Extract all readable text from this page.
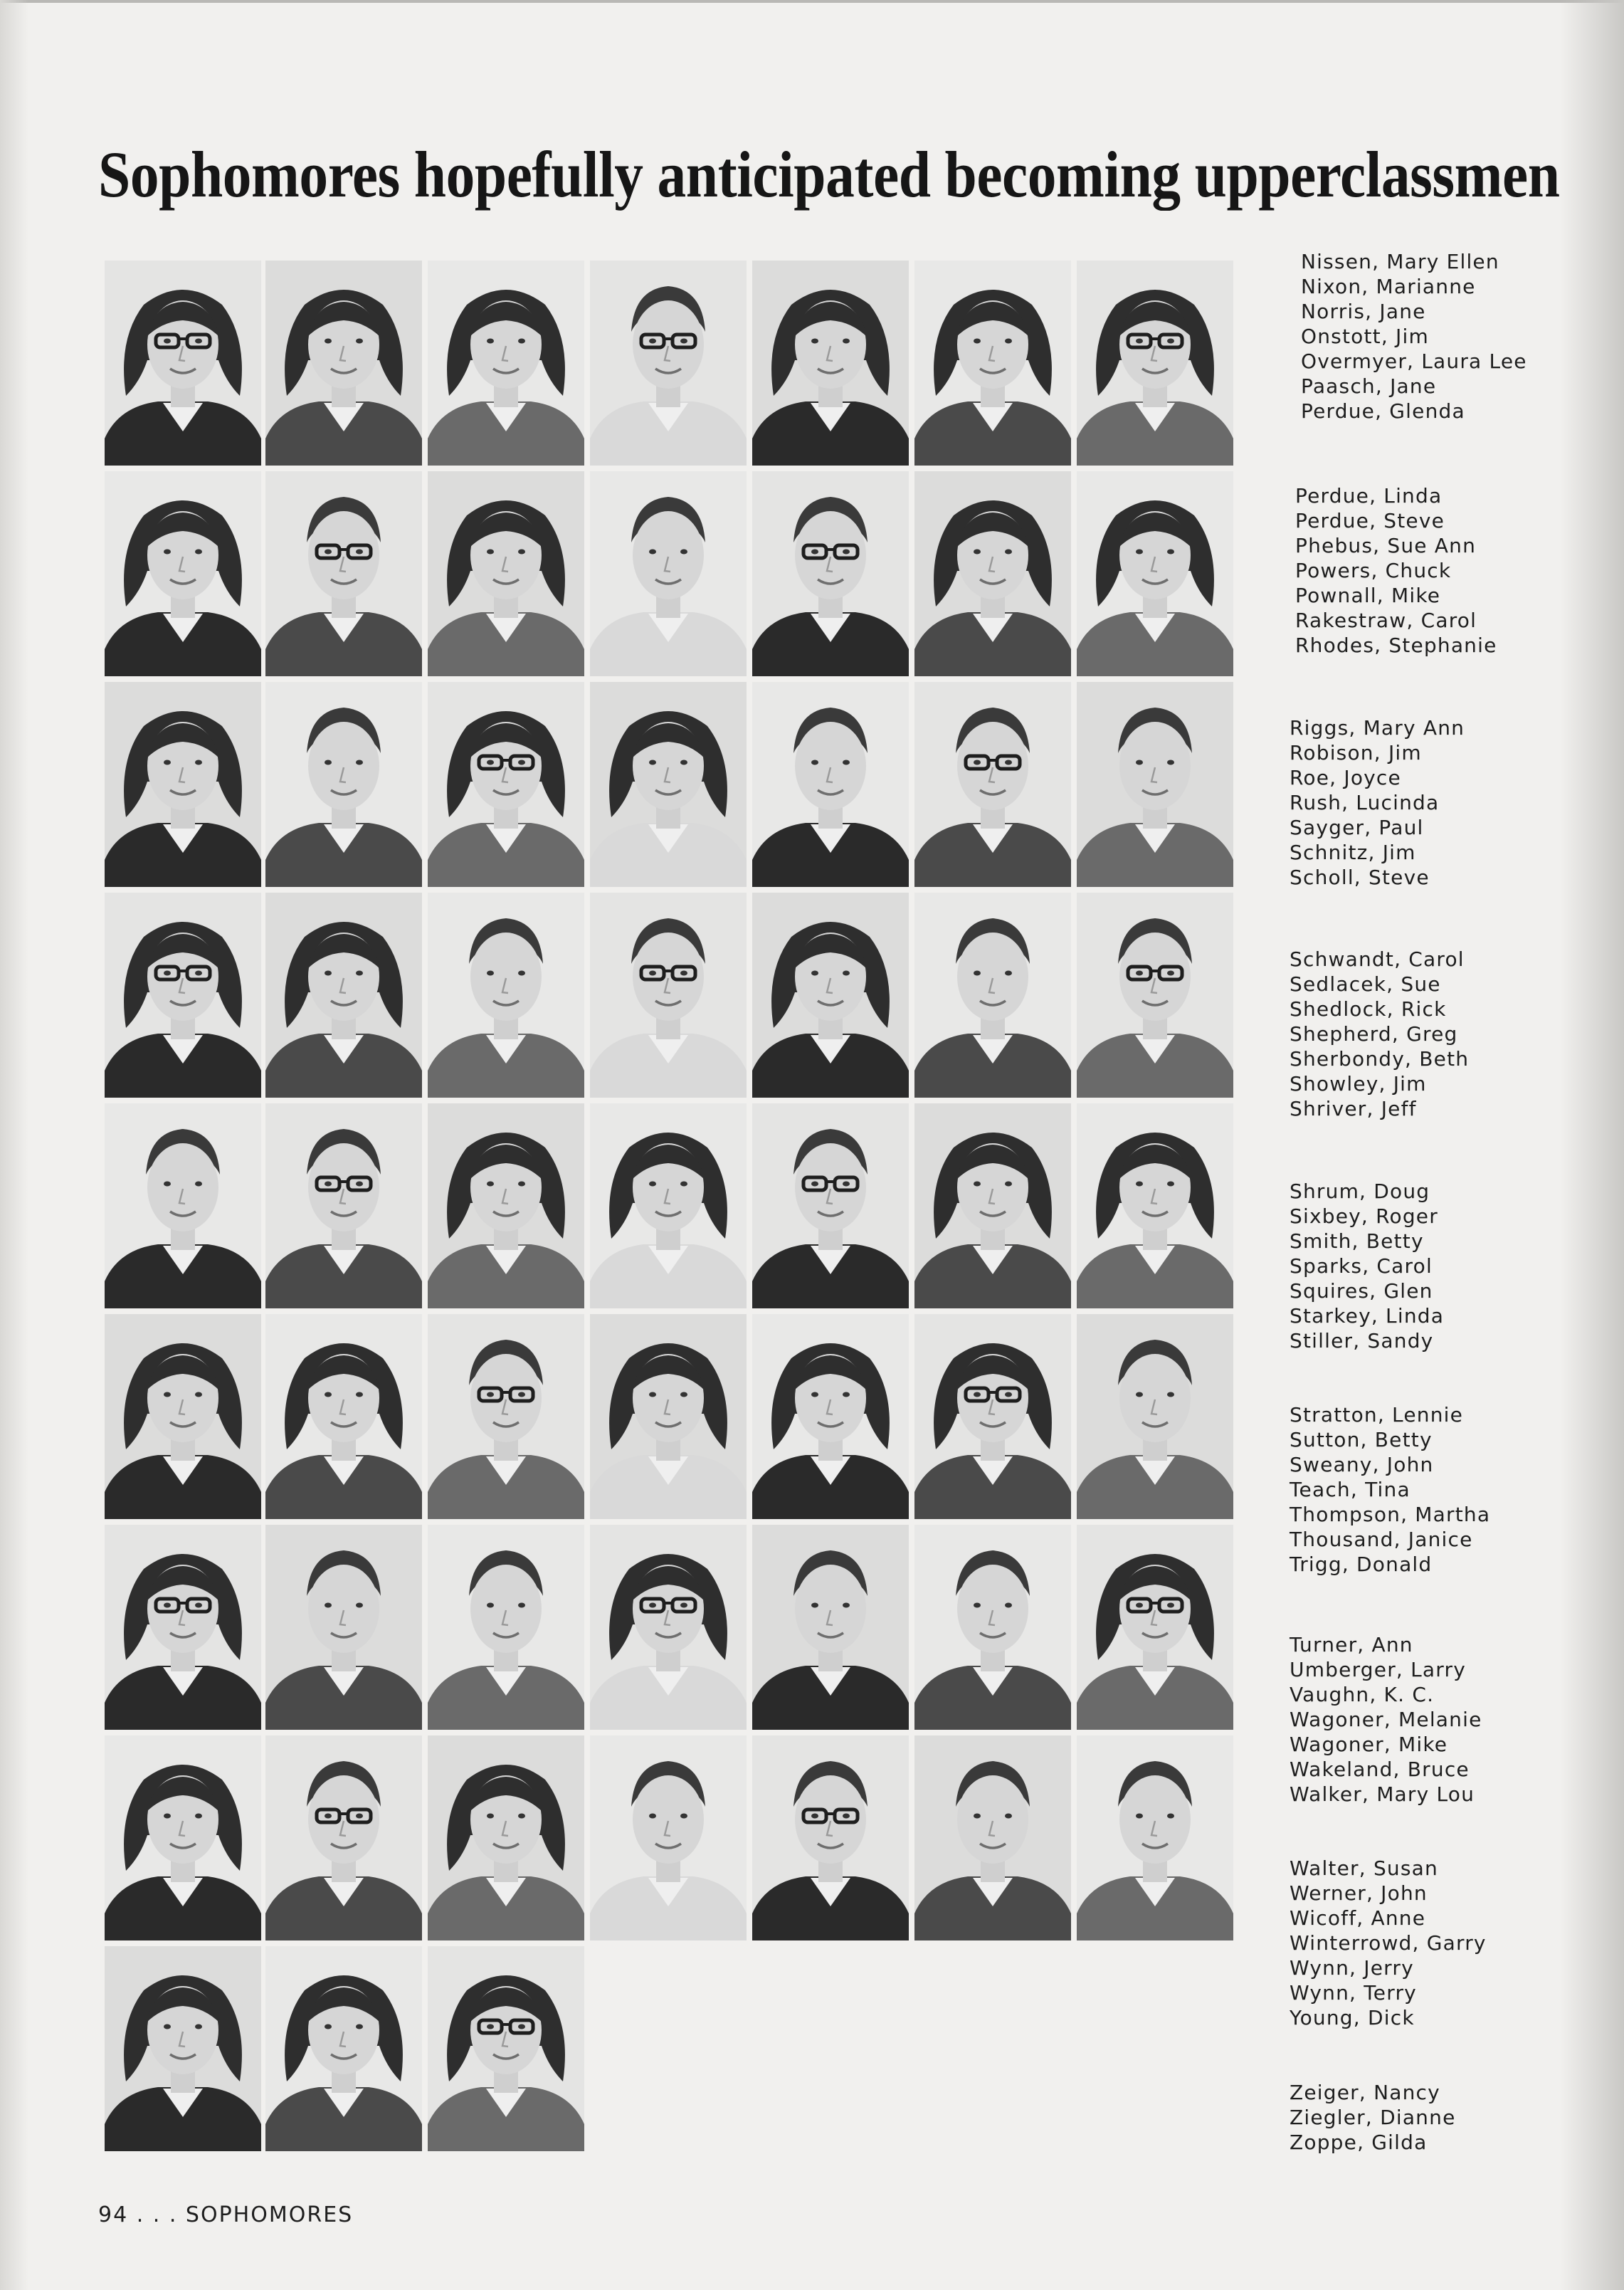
Sophomores hopefully anticipated becoming upperclassmen
Nissen, Mary Ellen
Nixon, Marianne
Norris, Jane
Onstott, Jim
Overmyer, Laura Lee
Paasch, Jane
Perdue, Glenda
Perdue, Linda
Perdue, Steve
Phebus, Sue Ann
Powers, Chuck
Pownall, Mike
Rakestraw, Carol
Rhodes, Stephanie
Riggs, Mary Ann
Robison, Jim
Roe, Joyce
Rush, Lucinda
Sayger, Paul
Schnitz, Jim
Scholl, Steve
Schwandt, Carol
Sedlacek, Sue
Shedlock, Rick
Shepherd, Greg
Sherbondy, Beth
Showley, Jim
Shriver, Jeff
Shrum, Doug
Sixbey, Roger
Smith, Betty
Sparks, Carol
Squires, Glen
Starkey, Linda
Stiller, Sandy
Stratton, Lennie
Sutton, Betty
Sweany, John
Teach, Tina
Thompson, Martha
Thousand, Janice
Trigg, Donald
Turner, Ann
Umberger, Larry
Vaughn, K. C.
Wagoner, Melanie
Wagoner, Mike
Wakeland, Bruce
Walker, Mary Lou
Walter, Susan
Werner, John
Wicoff, Anne
Winterrowd, Garry
Wynn, Jerry
Wynn, Terry
Young, Dick
Zeiger, Nancy
Ziegler, Dianne
Zoppe, Gilda
94 . . . SOPHOMORES
